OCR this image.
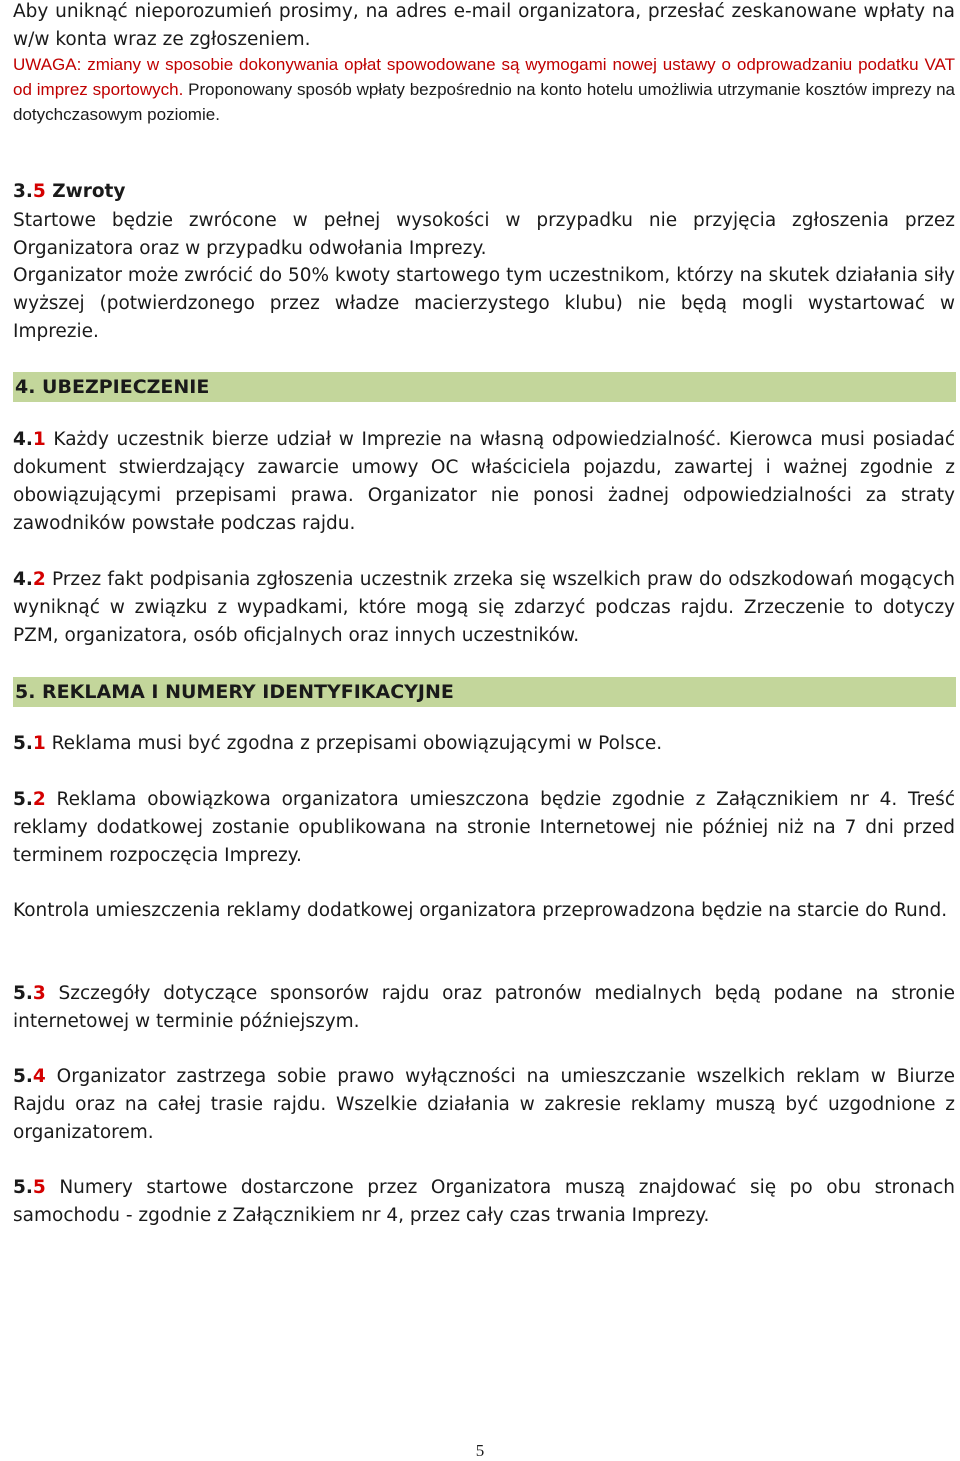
Aby uniknąć nieporozumień prosimy, na adres e-mail organizatora, przesłać zeskanowane wpłaty na w/w konta wraz ze zgłoszeniem.

UWAGA: zmiany w sposobie dokonywania opłat spowodowane są wymogami nowej ustawy o odprowadzaniu podatku VAT od imprez sportowych. Proponowany sposób wpłaty bezpośrednio na konto hotelu umożliwia utrzymanie kosztów imprezy na dotychczasowym poziomie.

3.5 Zwroty

Startowe będzie zwrócone w pełnej wysokości w przypadku nie przyjęcia zgłoszenia przez Organizatora oraz w przypadku odwołania Imprezy.

Organizator może zwrócić do 50% kwoty startowego tym uczestnikom, którzy na skutek działania siły wyższej (potwierdzonego przez władze macierzystego klubu) nie będą mogli wystartować w Imprezie.

4. UBEZPIECZENIE

4.1 Każdy uczestnik bierze udział w Imprezie na własną odpowiedzialność. Kierowca musi posiadać dokument stwierdzający zawarcie umowy OC właściciela pojazdu, zawartej i ważnej zgodnie z obowiązującymi przepisami prawa. Organizator nie ponosi żadnej odpowiedzialności za straty zawodników powstałe podczas rajdu.

4.2 Przez fakt podpisania zgłoszenia uczestnik zrzeka się wszelkich praw do odszkodowań mogących wyniknąć w związku z wypadkami, które mogą się zdarzyć podczas rajdu. Zrzeczenie to dotyczy PZM, organizatora, osób oficjalnych oraz innych uczestników.

5. REKLAMA I NUMERY IDENTYFIKACYJNE

5.1 Reklama musi być zgodna z przepisami obowiązującymi w Polsce.

5.2 Reklama obowiązkowa organizatora umieszczona będzie zgodnie z Załącznikiem nr 4. Treść reklamy dodatkowej zostanie opublikowana na stronie Internetowej nie później niż na 7 dni przed terminem rozpoczęcia Imprezy.

Kontrola umieszczenia reklamy dodatkowej organizatora przeprowadzona będzie na starcie do Rund.

5.3 Szczegóły dotyczące sponsorów rajdu oraz patronów medialnych będą podane na stronie internetowej w terminie późniejszym.

5.4 Organizator zastrzega sobie prawo wyłączności na umieszczanie wszelkich reklam w Biurze Rajdu oraz na całej trasie rajdu. Wszelkie działania w zakresie reklamy muszą być uzgodnione z organizatorem.

5.5 Numery startowe dostarczone przez Organizatora muszą znajdować się po obu stronach samochodu - zgodnie z Załącznikiem nr 4, przez cały czas trwania Imprezy.

5
